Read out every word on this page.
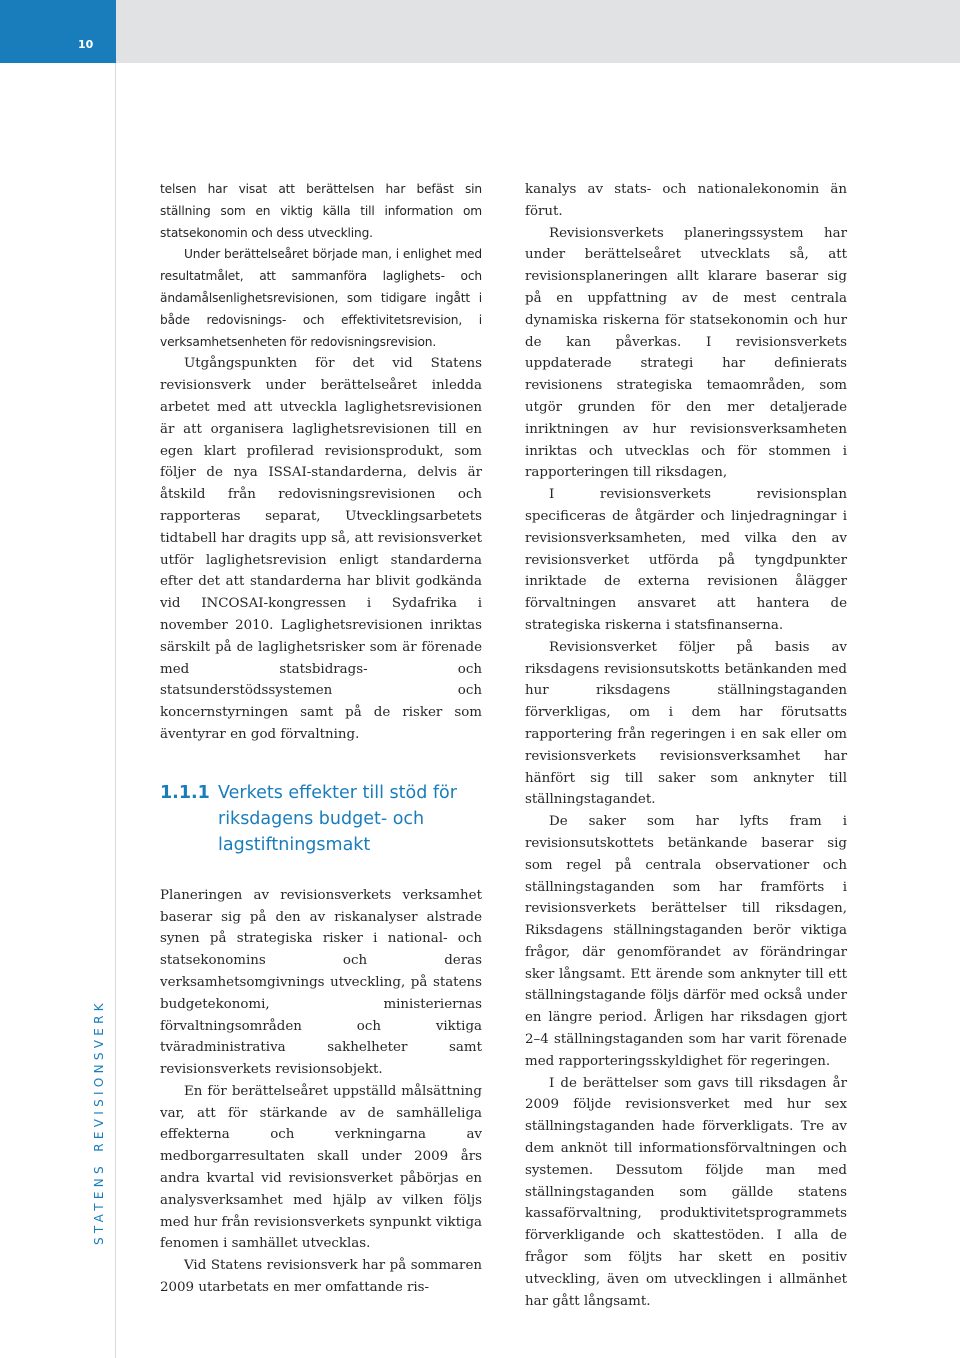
10
STATENS REVISIONSVERK

telsen har visat att berättelsen har befäst sin ställning som en viktig källa till information om statsekonomin och dess utveckling.

Under berättelseåret började man, i enlighet med resultatmålet, att sammanföra laglighets- och ändamålsenlighetsrevisionen, som tidigare ingått i både redovisnings- och effektivitetsrevision, i verksamhetsenheten för redovisningsrevision.

Utgångspunkten för det vid Statens revisionsverk under berättelseåret inledda arbetet med att utveckla laglighetsrevisionen är att organisera laglighetsrevisionen till en egen klart profilerad revisionsprodukt, som följer de nya ISSAI-standarderna, delvis är åtskild från redovisningsrevisionen och rapporteras separat, Utvecklingsarbetets tidtabell har dragits upp så, att revisionsverket utför laglighetsrevision enligt standarderna efter det att standarderna har blivit godkända vid INCOSAI-kongressen i Sydafrika i november 2010. Laglighetsrevisionen inriktas särskilt på de laglighetsrisker som är förenade med statsbidrags- och statsunderstödssystemen och koncernstyrningen samt på de risker som äventyrar en god förvaltning.

1.1.1 Verkets effekter till stöd för riksdagens budget- och lagstiftningsmakt

Planeringen av revisionsverkets verksamhet baserar sig på den av riskanalyser alstrade synen på strategiska risker i national- och statsekonomins och deras verksamhetsomgivnings utveckling, på statens budgetekonomi, ministeriernas förvaltningsområden och viktiga tväradministrativa sakhelheter samt revisionsverkets revisionsobjekt.

En för berättelseåret uppställd målsättning var, att för stärkande av de samhälleliga effekterna och verkningarna av medborgarresultaten skall under 2009 års andra kvartal vid revisionsverket påbörjas en analysverksamhet med hjälp av vilken följs med hur från revisionsverkets synpunkt viktiga fenomen i samhället utvecklas.

Vid Statens revisionsverk har på sommaren 2009 utarbetats en mer omfattande ris-

kanalys av stats- och nationalekonomin än förut.

Revisionsverkets planeringssystem har under berättelseåret utvecklats så, att revisionsplaneringen allt klarare baserar sig på en uppfattning av de mest centrala dynamiska riskerna för statsekonomin och hur de kan påverkas. I revisionsverkets uppdaterade strategi har definierats revisionens strategiska temaområden, som utgör grunden för den mer detaljerade inriktningen av hur revisionsverksamheten inriktas och utvecklas och för stommen i rapporteringen till riksdagen,

I revisionsverkets revisionsplan specificeras de åtgärder och linjedragningar i revisionsverksamheten, med vilka den av revisionsverket utförda på tyngdpunkter inriktade de externa revisionen ålägger förvaltningen ansvaret att hantera de strategiska riskerna i statsfinanserna.

Revisionsverket följer på basis av riksdagens revisionsutskotts betänkanden med hur riksdagens ställningstaganden förverkligas, om i dem har förutsatts rapportering från regeringen i en sak eller om revisionsverkets revisionsverksamhet har hänfört sig till saker som anknyter till ställningstagandet.

De saker som har lyfts fram i revisionsutskottets betänkande baserar sig som regel på centrala observationer och ställningstaganden som har framförts i revisionsverkets berättelser till riksdagen, Riksdagens ställningstaganden berör viktiga frågor, där genomförandet av förändringar sker långsamt. Ett ärende som anknyter till ett ställningstagande följs därför med också under en längre period. Årligen har riksdagen gjort 2–4 ställningstaganden som har varit förenade med rapporteringsskyldighet för regeringen.

I de berättelser som gavs till riksdagen år 2009 följde revisionsverket med hur sex ställningstaganden hade förverkligats. Tre av dem anknöt till informationsförvaltningen och systemen. Dessutom följde man med ställningstaganden som gällde statens kassaförvaltning, produktivitetsprogrammets förverkligande och skattestöden. I alla de frågor som följts har skett en positiv utveckling, även om utvecklingen i allmänhet har gått långsamt.
